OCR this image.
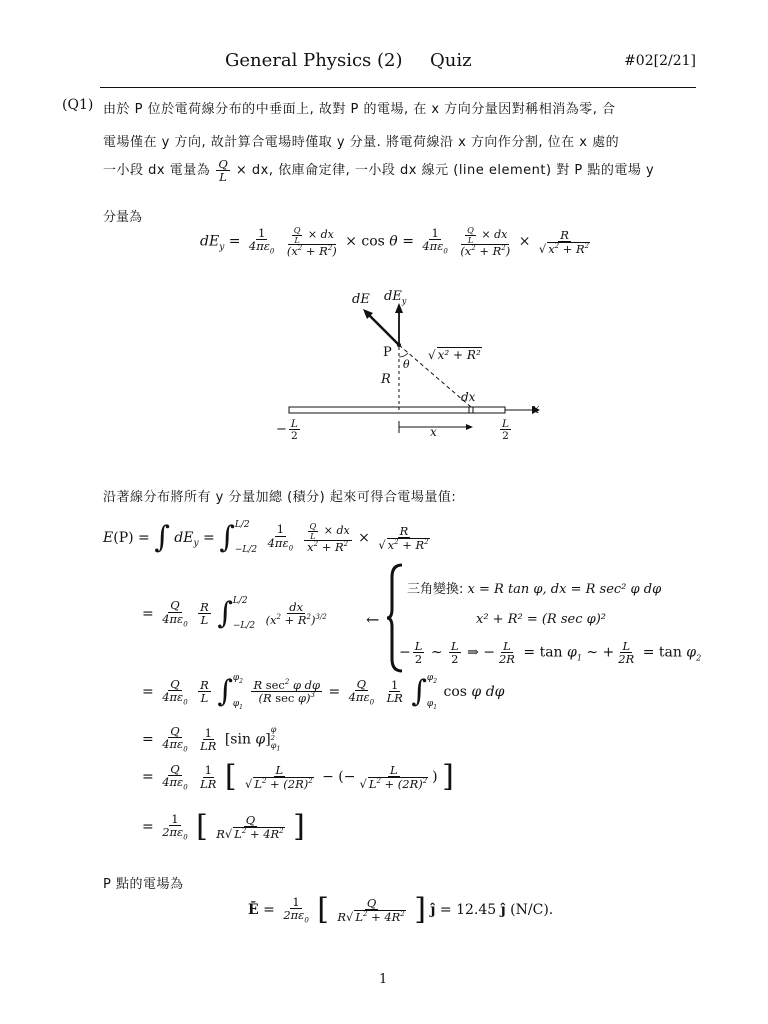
General Physics (2) Quiz	#02[2/21]
(Q1) 由於 P 位於電荷線分布的中垂面上, 故對 P 的電場, 在 x 方向分量因對稱相消為零, 合
電場僅在 y 方向, 故計算合電場時僅取 y 分量. 將電荷線沿 x 方向作分割, 位在 x 處的
一小段 dx 電量為 $\frac{Q}{L}$ × dx, 依庫侖定律, 一小段 dx 線元 (line element) 對 P 點的電場 y
分量為
$dE_y = \frac{1}{4\pi\varepsilon_0}$
$\frac{\frac{Q}{L} \times dx}{(x^2 + R^2)} \times \cos \theta = \frac{1}{4\pi\varepsilon_0}$
$\frac{\frac{Q}{L} \times dx}{(x^2 + R^2)} \times R$
√ $x^2 + R^2$
dE $dE_y$
P
R
θ
√ x² + R²
dx
x
x
− $\frac{L}{2}$	$\frac{L}{2}$
沿著線分布將所有 y 分量加總 (積分) 起來可得合電場量值:
E(P) = ∫ $dE_y$ = ∫ L/2
−L/2
$\frac{1}{4\pi\varepsilon_0}$
$\frac{\frac{Q}{L} \times dx}{x^2 + R^2} \times R$
√ $x^2 + R^2$
= $\frac{Q}{4\pi\varepsilon_0}$
$\frac{R}{L}$ ∫ L/2
−L/2
$\frac{dx}{(x^2 + R^2)^{3/2}}$ ←
三角變換: x = R tan φ, dx = R sec² φ dφ
x² + R² = (R sec φ)²
− $\frac{L}{2}$ ∼ $\frac{L}{2}$ ⇒ − $\frac{L}{2R} = \tan \varphi_1$ ∼ + $\frac{L}{2R} = \tan \varphi_2$
= $\frac{Q}{4\pi\varepsilon_0}$
$\frac{R}{L}$ ∫ $\varphi_2$
$\varphi_1$

$\frac{R \sec^2 \varphi d\varphi}{(R \sec \varphi)^3} = \frac{Q}{4\pi\varepsilon_0}$
$\frac{1}{LR}$ ∫ $\varphi_2$
$\varphi_1$
cos φ dφ
= $\frac{Q}{4\pi\varepsilon_0}$
$\frac{1}{LR} [\sin$ φ]φ
2
$\varphi_1$
= $\frac{Q}{4\pi\varepsilon_0}$
$\frac{1}{LR}$ [ L
√ $L^2 + (2R)^2$ − (− L
√ $L^2 + (2R)^2$ ) ]
= $\frac{1}{2\pi\varepsilon_0}$ [ $\frac{Q}{R √ L^2 + 4R^2}$ ]
P 點的電場為
Ē = $\frac{1}{2\pi\varepsilon_0}$ [ $\frac{Q}{R √ L^2 + 4R^2}$ ] ĵ = 12.45 ĵ (N/C).
1
